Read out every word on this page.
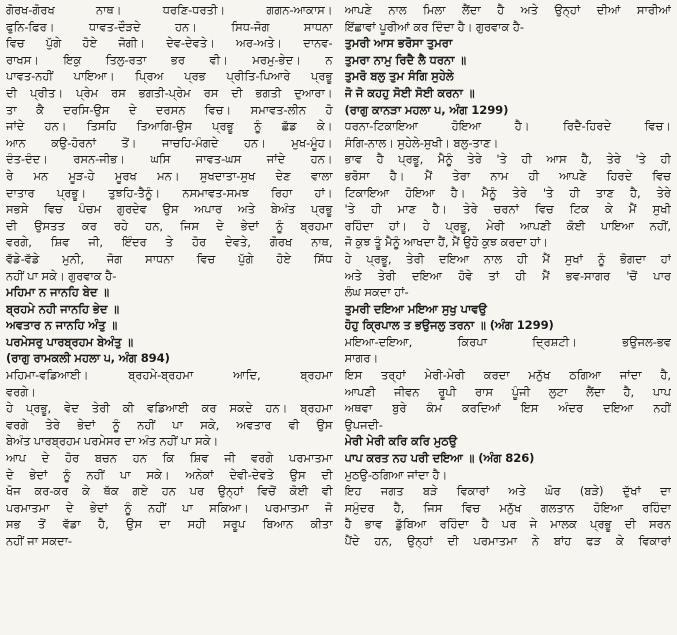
ਗੋਰਖ-ਗੋਰਖ ਨਾਥ। ਧਰਣਿ-ਧਰਤੀ। ਗਗਨ-ਆਕਾਸ।
ਫੁਨਿ-ਫਿਰ। ਧਾਵਤ-ਦੌੜਦੇ ਹਨ। ਸਿਧ-ਜੋਗ ਸਾਧਨਾ
ਵਿਚ ਪੁੱਗੇ ਹੋਏ ਜੋਗੀ। ਦੇਵ-ਦੇਵਤੇ। ਅਰ-ਅਤੇ। ਦਾਨਵ-
ਰਾਖਸ। ਇਕੁ ਤਿਲੁ-ਰਤਾ ਭਰ ਵੀ। ਮਰਮੁ-ਭੇਦ। ਨ
ਪਾਵਤ-ਨਹੀਂ ਪਾਇਆ। ਪ੍ਰਿਅ ਪ੍ਰਭ ਪ੍ਰੀਤਿ-ਪਿਆਰੇ ਪ੍ਰਭੂ
ਦੀ ਪ੍ਰੀਤ। ਪ੍ਰੇਮ ਰਸ ਭਗਤੀ-ਪ੍ਰੇਮ ਰਸ ਦੀ ਭਗਤੀ ਦੁਆਰਾ।
ਤਾ ਕੈ ਦਰਸਿ-ਉਸ ਦੇ ਦਰਸਨ ਵਿਚ। ਸਮਾਵਤ-ਲੀਨ ਹੋ
ਜਾਂਦੇ ਹਨ। ਤਿਸਹਿ ਤਿਆਗਿ-ਉਸ ਪ੍ਰਭੂ ਨੂੰ ਛੱਡ ਕੇ।
ਆਨ ਕਉ-ਹੋਰਨਾਂ ਤੋਂ। ਜਾਚਹਿ-ਮੰਗਦੇ ਹਨ। ਮੁਖ-ਮੂੰਹ।
ਦੰਤ-ਦੰਦ। ਰਸਨ-ਜੀਭ। ਘਸਿ ਜਾਵਤ-ਘਸ ਜਾਂਦੇ ਹਨ।
ਰੇ ਮਨ ਮੂੜ-ਹੇ ਮੂਰਖ ਮਨ। ਸੁਖਦਾਤਾ-ਸੁਖ ਦੇਣ ਵਾਲਾ
ਦਾਤਾਰ ਪ੍ਰਭੂ। ਤੁਝਹਿ-ਤੈਨੂੰ। ਨਸਮਾਵਤ-ਸਮਝ ਰਿਹਾ ਹਾਂ।
ਸਭਸੇ ਵਿਚ ਪੰਚਮ ਗੁਰਦੇਵ ਉਸ ਅਪਾਰ ਅਤੇ ਬੇਅੰਤ ਪ੍ਰਭੂ
ਦੀ ਉਸਤਤ ਕਰ ਰਹੇ ਹਨ, ਜਿਸ ਦੇ ਭੇਦਾਂ ਨੂੰ ਬ੍ਰਹਮਾ
ਵਰਗੇ, ਸ਼ਿਵ ਜੀ, ਇੰਦਰ ਤੇ ਹੋਰ ਦੇਵਤੇ, ਗੋਰਖ ਨਾਥ,
ਵੱਡੇ-ਵੱਡੇ ਮੁਨੀ, ਜੋਗ ਸਾਧਨਾ ਵਿਚ ਪੁੱਗੇ ਹੋਏ ਸਿੱਧ
ਨਹੀਂ ਪਾ ਸਕੇ। ਗੁਰਵਾਕ ਹੈ-
ਮਹਿਮਾ ਨ ਜਾਨਹਿ ਬੇਦ ॥
ਬ੍ਰਹਮੇ ਨਹੀ ਜਾਨਹਿ ਭੇਦ ॥
ਅਵਤਾਰ ਨ ਜਾਨਹਿ ਅੰਤੁ ॥
ਪਰਮੇਸਰੁ ਪਾਰਬ੍ਰਹਮ ਬੇਅੰਤੁ ॥
(ਰਾਗੁ ਰਾਮਕਲੀ ਮਹਲਾ ੫, ਅੰਗ 894)
ਮਹਿਮਾ-ਵਡਿਆਈ। ਬ੍ਰਹਮੇ-ਬ੍ਰਹਮਾ ਆਦਿ, ਬ੍ਰਹਮਾ
ਵਰਗੇ।
ਹੇ ਪ੍ਰਭੂ, ਵੇਦ ਤੇਰੀ ਕੀ ਵਡਿਆਈ ਕਰ ਸਕਦੇ ਹਨ। ਬ੍ਰਹਮਾ
ਵਰਗੇ ਤੇਰੇ ਭੇਦਾਂ ਨੂੰ ਨਹੀਂ ਪਾ ਸਕੇ, ਅਵਤਾਰ ਵੀ ਉਸ
ਬੇਅੰਤ ਪਾਰਬ੍ਰਹਮ ਪਰਮੇਸਰ ਦਾ ਅੰਤ ਨਹੀਂ ਪਾ ਸਕੇ।
ਆਪ ਦੇ ਹੋਰ ਬਚਨ ਹਨ ਕਿ ਸ਼ਿਵ ਜੀ ਵਰਗੇ ਪਰਮਾਤਮਾ
ਦੇ ਭੇਦਾਂ ਨੂੰ ਨਹੀਂ ਪਾ ਸਕੇ। ਅਨੇਕਾਂ ਦੇਵੀ-ਦੇਵਤੇ ਉਸ ਦੀ
ਖੋਜ ਕਰ-ਕਰ ਕੇ ਥੱਕ ਗਏ ਹਨ ਪਰ ਉਨ੍ਹਾਂ ਵਿਚੋਂ ਕੋਈ ਵੀ
ਪਰਮਾਤਮਾ ਦੇ ਭੇਦਾਂ ਨੂੰ ਨਹੀਂ ਪਾ ਸਕਿਆ। ਪਰਮਾਤਮਾ ਜੋ
ਸਭ ਤੋਂ ਵੱਡਾ ਹੈ, ਉਸ ਦਾ ਸਹੀ ਸਰੂਪ ਬਿਆਨ ਕੀਤਾ
ਨਹੀਂ ਜਾ ਸਕਦਾ-
ਆਪਣੇ ਨਾਲ ਮਿਲਾ ਲੈਂਦਾ ਹੈ ਅਤੇ ਉਨ੍ਹਾਂ ਦੀਆਂ ਸਾਰੀਆਂ
ਇੱਛਾਵਾਂ ਪੂਰੀਆਂ ਕਰ ਦਿੰਦਾ ਹੈ। ਗੁਰਵਾਕ ਹੈ-
ਤੁਮਰੀ ਆਸ ਭਰੋਸਾ ਤੁਮਰਾ
ਤੁਮਰਾ ਨਾਮੁ ਰਿਦੈ ਲੈ ਧਰਨਾ ॥
ਤੁਮਰੋ ਬਲੁ ਤੁਮ ਸੰਗਿ ਸੁਹੇਲੇ
ਜੋ ਜੋ ਕਹਹੁ ਸੋਈ ਸੋਈ ਕਰਨਾ ॥
(ਰਾਗੁ ਕਾਨੜਾ ਮਹਲਾ ੫, ਅੰਗ 1299)
ਧਰਨਾ-ਟਿਕਾਇਆ ਹੋਇਆ ਹੈ। ਰਿਦੈ-ਹਿਰਦੇ ਵਿਚ।
ਸੰਗਿ-ਨਾਲ। ਸੁਹੇਲੇ-ਸੁਖੀ। ਬਲੁ-ਤਾਣ।
ਭਾਵ ਹੈ ਪ੍ਰਭੂ, ਮੈਨੂੰ ਤੇਰੇ 'ਤੇ ਹੀ ਆਸ ਹੈ, ਤੇਰੇ 'ਤੇ ਹੀ
ਭਰੋਸਾ ਹੈ। ਮੈਂ ਤੇਰਾ ਨਾਮ ਹੀ ਆਪਣੇ ਹਿਰਦੇ ਵਿਚ
ਟਿਕਾਇਆ ਹੋਇਆ ਹੈ। ਮੈਨੂੰ ਤੇਰੇ 'ਤੇ ਹੀ ਤਾਣ ਹੈ, ਤੇਰੇ
'ਤੇ ਹੀ ਮਾਣ ਹੈ। ਤੇਰੇ ਚਰਨਾਂ ਵਿਚ ਟਿਕ ਕੇ ਮੈਂ ਸੁਖੀ
ਰਹਿੰਦਾ ਹਾਂ। ਹੇ ਪ੍ਰਭੂ, ਮੇਰੀ ਆਪਣੀ ਕੋਈ ਪਾਇਆ ਨਹੀਂ,
ਜੋ ਕੁਝ ਤੂੰ ਮੈਨੂੰ ਆਖਦਾ ਹੈਂ, ਮੈਂ ਉਹੋ ਕੁਝ ਕਰਦਾ ਹਾਂ।
ਹੇ ਪ੍ਰਭੂ, ਤੇਰੀ ਦਇਆ ਨਾਲ ਹੀ ਮੈਂ ਸੁਖਾਂ ਨੂੰ ਭੋਗਦਾ ਹਾਂ
ਅਤੇ ਤੇਰੀ ਦਇਆ ਹੋਵੇ ਤਾਂ ਹੀ ਮੈਂ ਭਵ-ਸਾਗਰ 'ਚੋਂ ਪਾਰ
ਲੰਘ ਸਕਦਾ ਹਾਂ-
ਤੁਮਰੀ ਦਇਆ ਮਇਆ ਸੁਖੁ ਪਾਵਉ
ਹੋਹੁ ਕ੍ਰਿਪਾਲ ਤ ਭਉਜਲੁ ਤਰਨਾ ॥ (ਅੰਗ 1299)
ਮਇਆ-ਦਇਆ, ਕਿਰਪਾ ਦ੍ਰਿਸ਼ਟੀ। ਭਉਜਲ-ਭਵ
ਸਾਗਰ।
ਇਸ ਤਰ੍ਹਾਂ ਮੇਰੀ-ਮੇਰੀ ਕਰਦਾ ਮਨੁੱਖ ਠਗਿਆ ਜਾਂਦਾ ਹੈ,
ਆਪਣੀ ਜੀਵਨ ਰੂਪੀ ਰਾਸ ਪੂੰਜੀ ਲੁਟਾ ਲੈਂਦਾ ਹੈ, ਪਾਪ
ਅਥਵਾ ਬੁਰੇ ਕੰਮ ਕਰਦਿਆਂ ਇਸ ਅੰਦਰ ਦਇਆ ਨਹੀਂ
ਉਪਜਦੀ-
ਮੇਰੀ ਮੇਰੀ ਕਰਿ ਕਰਿ ਮੁਠਉ
ਪਾਪ ਕਰਤ ਨਹ ਪਰੀ ਦਇਆ ॥ (ਅੰਗ 826)
ਮੁਠਉ-ਠਗਿਆ ਜਾਂਦਾ ਹੈ।
ਇਹ ਜਗਤ ਬੜੇ ਵਿਕਾਰਾਂ ਅਤੇ ਘੋਰ (ਬੜੇ) ਦੁੱਖਾਂ ਦਾ
ਸਮੁੰਦਰ ਹੈ, ਜਿਸ ਵਿਚ ਮਨੁੱਖ ਗਲਤਾਨ ਹੋਇਆ ਰਹਿੰਦਾ
ਹੈ ਭਾਵ ਡੁੱਬਿਆ ਰਹਿੰਦਾ ਹੈ ਪਰ ਜੇ ਮਾਲਕ ਪ੍ਰਭੂ ਦੀ ਸਰਨ
ਪੈਂਦੇ ਹਨ, ਉਨ੍ਹਾਂ ਦੀ ਪਰਮਾਤਮਾ ਨੇ ਬਾਂਹ ਫੜ ਕੇ ਵਿਕਾਰਾਂ
